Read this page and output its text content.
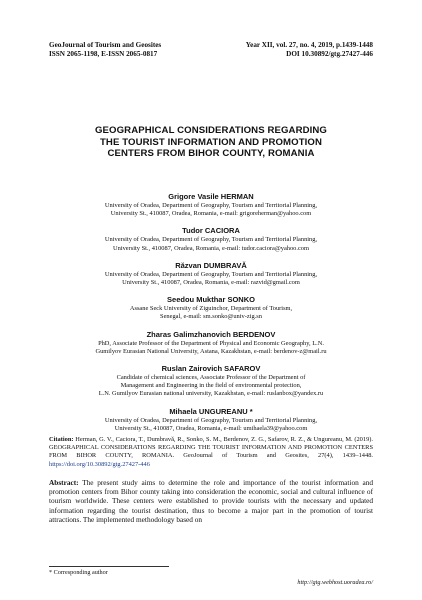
GeoJournal of Tourism and Geosites
ISSN 2065-1198, E-ISSN 2065-0817
Year XII, vol. 27, no. 4, 2019, p.1439-1448
DOI 10.30892/gtg.27427-446
GEOGRAPHICAL CONSIDERATIONS REGARDING
THE TOURIST INFORMATION AND PROMOTION
CENTERS FROM BIHOR COUNTY, ROMANIA
Grigore Vasile HERMAN
University of Oradea, Department of Geography, Tourism and Territorial Planning,
University St., 410087, Oradea, Romania, e-mail: grigoreherman@yahoo.com
Tudor CACIORA
University of Oradea, Department of Geography, Tourism and Territorial Planning,
University St., 410087, Oradea, Romania, e-mail: tudor.caciora@yahoo.com
Răzvan DUMBRAVĂ
University of Oradea, Department of Geography, Tourism and Territorial Planning,
University St., 410087, Oradea, Romania, e-mail: razvid@gmail.com
Seedou Mukthar SONKO
Assane Seck University of Ziguinchor, Department of Tourism,
Senegal, e-mail: sm.sonko@univ-zig.sn
Zharas Galimzhanovich BERDENOV
PhD, Associate Professor of the Department of Physical and Economic Geography, L.N.
Gumilyov Eurasian National University, Astana, Kazakhstan, e-mail: berdenov-z@mail.ru
Ruslan Zairovich SAFAROV
Candidate of chemical sciences, Associate Professor of the Department of
Management and Engineering in the field of environmental protection,
L.N. Gumilyov Eurasian national university, Kazakhstan, e-mail: ruslanbox@yandex.ru
Mihaela UNGUREANU *
University of Oradea, Department of Geography, Tourism and Territorial Planning,
University St., 410087, Oradea, Romania, e-mail: umihaela39@yahoo.com
Citation: Herman, G. V., Caciora, T., Dumbravă, R., Sonko, S. M., Berdenov, Z. G., Safarov, R. Z., & Ungureanu, M. (2019). GEOGRAPHICAL CONSIDERATIONS REGARDING THE TOURIST INFORMATION AND PROMOTION CENTERS FROM BIHOR COUNTY, ROMANIA. GeoJournal of Tourism and Geosites, 27(4), 1439–1448. https://doi.org/10.30892/gtg.27427-446
Abstract: The present study aims to determine the role and importance of the tourist information and promotion centers from Bihor county taking into consideration the economic, social and cultural influence of tourism worldwide. These centers were established to provide tourists with the necessary and updated information regarding the tourist destination, thus to become a major part in the promotion of tourist attractions. The implemented methodology based on
* Corresponding author
http://gtg.webhost.uoradea.ro/
